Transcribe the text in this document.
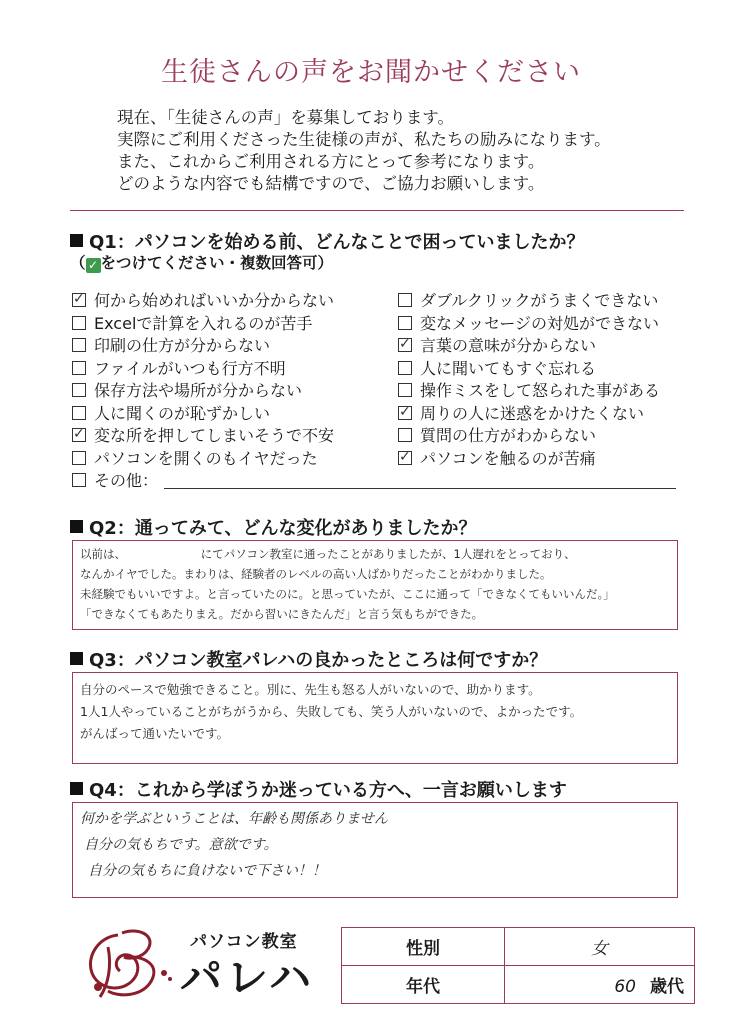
生徒さんの声をお聞かせください
現在、「生徒さんの声」を募集しております。
実際にご利用くださった生徒様の声が、私たちの励みになります。
また、これからご利用される方にとって参考になります。
どのような内容でも結構ですので、ご協力お願いします。
Q1：パソコンを始める前、どんなことで困っていましたか？
（ ✓ をつけてください・複数回答可）
✓何から始めればいいか分からない
Excelで計算を入れるのが苦手
印刷の仕方が分からない
ファイルがいつも行方不明
保存方法や場所が分からない
人に聞くのが恥ずかしい
✓変な所を押してしまいそうで不安
パソコンを開くのもイヤだった
ダブルクリックがうまくできない
変なメッセージの対処ができない
✓言葉の意味が分からない
人に聞いてもすぐ忘れる
操作ミスをして怒られた事がある
✓周りの人に迷惑をかけたくない
質問の仕方がわからない
✓パソコンを触るのが苦痛
その他：
Q2：通ってみて、どんな変化がありましたか？
以前は、　　　　　　　にてパソコン教室に通ったことがありましたが、1人遅れをとっており、
なんかイヤでした。まわりは、経験者のレベルの高い人ばかりだったことがわかりました。
未経験でもいいですよ。と言っていたのに。と思っていたが、ここに通って「できなくてもいいんだ。」
「できなくてもあたりまえ。だから習いにきたんだ」と言う気もちができた。
Q3：パソコン教室パレハの良かったところは何ですか？
自分のペースで勉強できること。別に、先生も怒る人がいないので、助かります。
1人1人やっていることがちがうから、失敗しても、笑う人がいないので、よかったです。
がんばって通いたいです。
Q4：これから学ぼうか迷っている方へ、一言お願いします
何かを学ぶということは、年齢も関係ありません
自分の気もちです。意欲です。
自分の気もちに負けないで下さい！！
パソコン教室
パレハ
性別	女
年代	60 歳代
